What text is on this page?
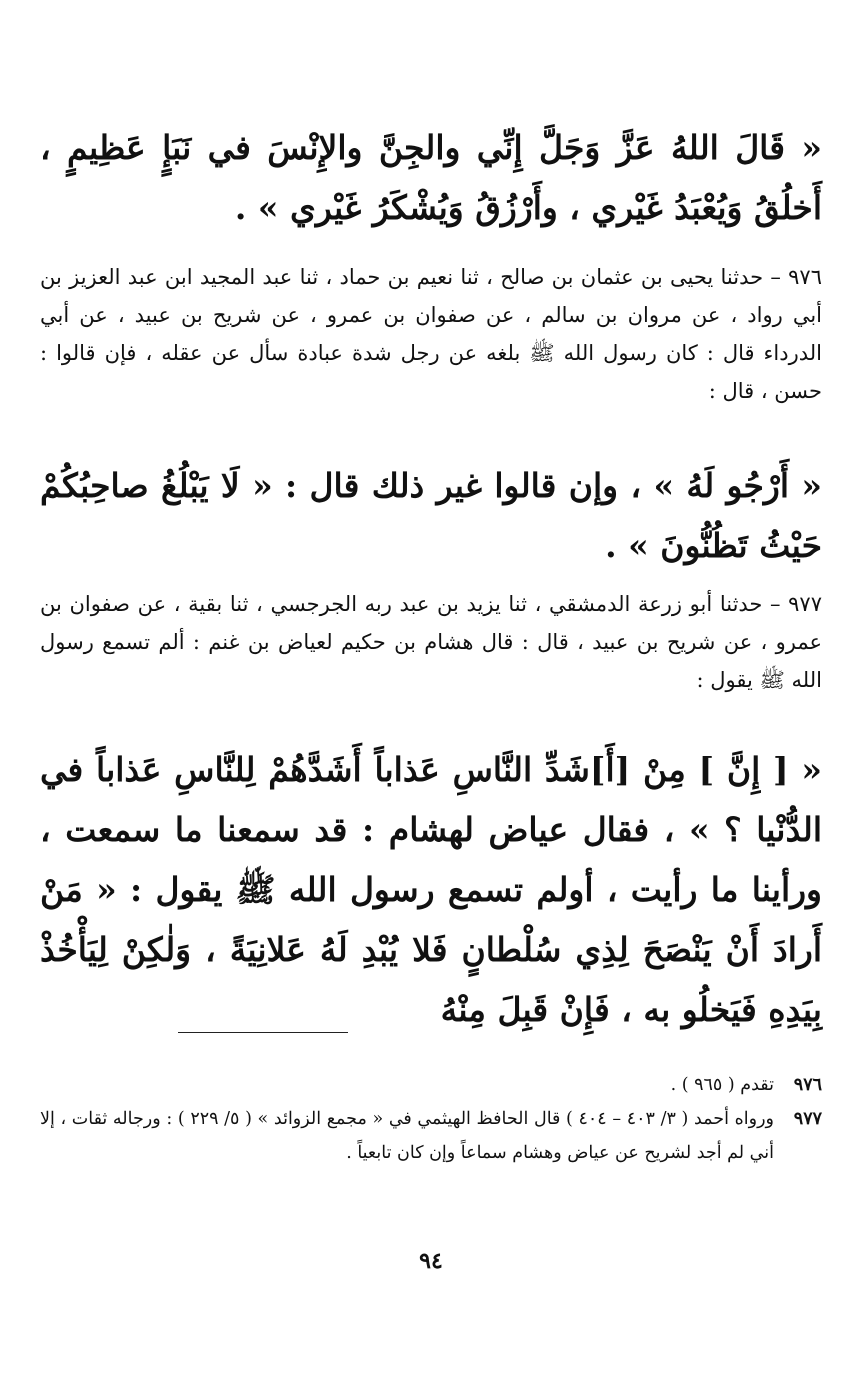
« قَالَ اللهُ عَزَّ وَجَلَّ إِنِّي والجِنَّ والإِنْسَ في نَبَإٍ عَظِيمٍ ، أَخلُقُ وَيُعْبَدُ غَيْري ، وأَرْزُقُ وَيُشْكَرُ غَيْري » .

٩٧٦ – حدثنا يحيى بن عثمان بن صالح ، ثنا نعيم بن حماد ، ثنا عبد المجيد ابن عبد العزيز بن أبي رواد ، عن مروان بن سالم ، عن صفوان بن عمرو ، عن شريح بن عبيد ، عن أبي الدرداء قال : كان رسول الله ﷺ بلغه عن رجل شدة عبادة سأل عن عقله ، فإن قالوا : حسن ، قال :

« أَرْجُو لَهُ » ، وإن قالوا غير ذلك قال : « لَا يَبْلُغُ صاحِبُكُمْ حَيْثُ تَظُنُّونَ » .

٩٧٧ – حدثنا أبو زرعة الدمشقي ، ثنا يزيد بن عبد ربه الجرجسي ، ثنا بقية ، عن صفوان بن عمرو ، عن شريح بن عبيد ، قال : قال هشام بن حكيم لعياض بن غنم : ألم تسمع رسول الله ﷺ يقول :

« [ إِنَّ ] مِنْ [أَ]شَدِّ النَّاسِ عَذاباً أَشَدَّهُمْ لِلنَّاسِ عَذاباً في الدُّنْيا ؟ » ، فقال عياض لهشام : قد سمعنا ما سمعت ، ورأينا ما رأيت ، أولم تسمع رسول الله ﷺ يقول : « مَنْ أَرادَ أَنْ يَنْصَحَ لِذِي سُلْطانٍ فَلا يُبْدِ لَهُ عَلانِيَةً ، وَلٰكِنْ لِيَأْخُذْ بِيَدِهِ فَيَخلُو به ، فَإِنْ قَبِلَ مِنْهُ

٩٧٦
تقدم ( ٩٦٥ ) .
٩٧٧
ورواه أحمد ( ٣/ ٤٠٣ – ٤٠٤ ) قال الحافظ الهيثمي في « مجمع الزوائد » ( ٥/ ٢٢٩ ) : ورجاله ثقات ، إلا أني لم أجد لشريح عن عياض وهشام سماعاً وإن كان تابعياً .
٩٤
